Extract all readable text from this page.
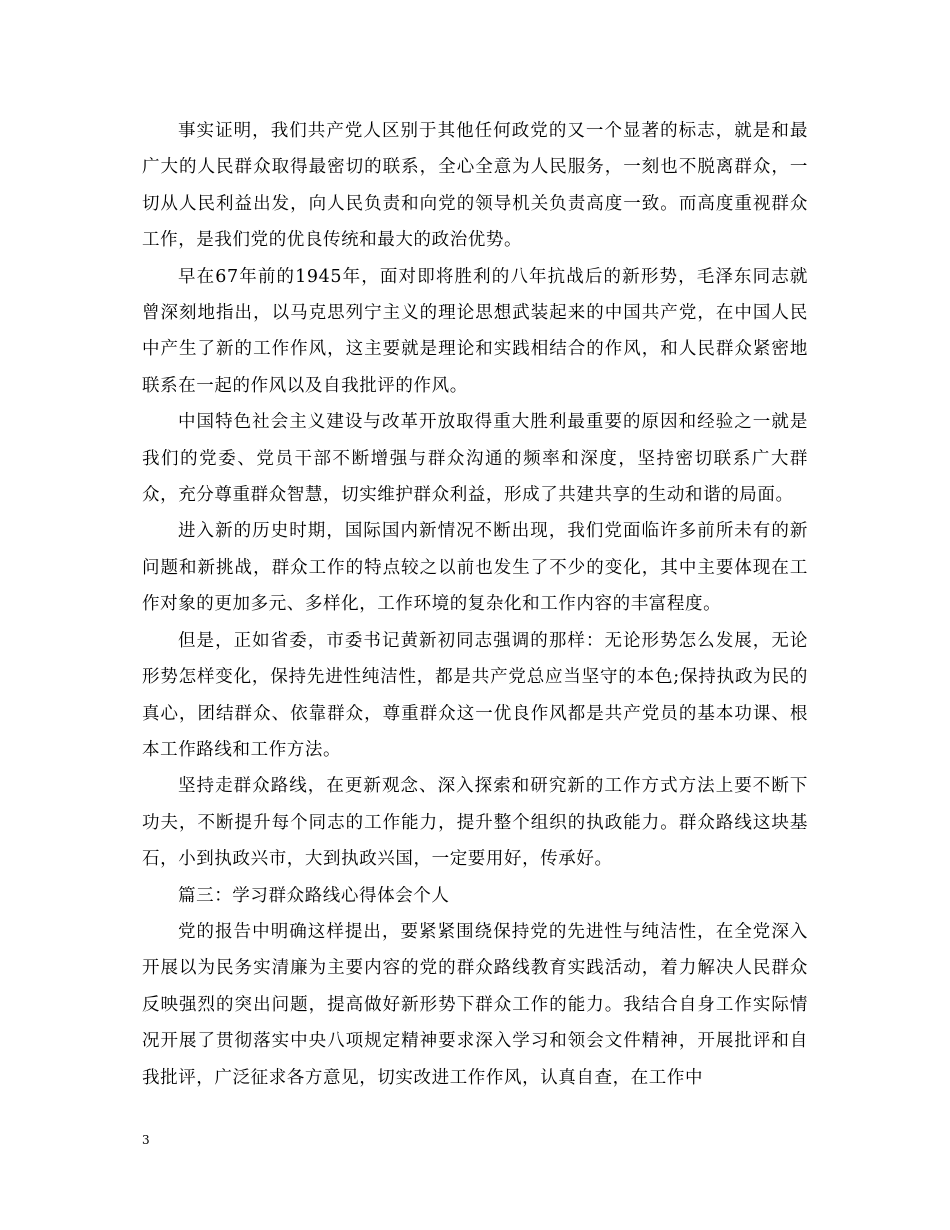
事实证明，我们共产党人区别于其他任何政党的又一个显著的标志，就是和最广大的人民群众取得最密切的联系，全心全意为人民服务，一刻也不脱离群众，一切从人民利益出发，向人民负责和向党的领导机关负责高度一致。而高度重视群众工作，是我们党的优良传统和最大的政治优势。

早在67年前的1945年，面对即将胜利的八年抗战后的新形势，毛泽东同志就曾深刻地指出，以马克思列宁主义的理论思想武装起来的中国共产党，在中国人民中产生了新的工作作风，这主要就是理论和实践相结合的作风，和人民群众紧密地联系在一起的作风以及自我批评的作风。

中国特色社会主义建设与改革开放取得重大胜利最重要的原因和经验之一就是我们的党委、党员干部不断增强与群众沟通的频率和深度，坚持密切联系广大群众，充分尊重群众智慧，切实维护群众利益，形成了共建共享的生动和谐的局面。

进入新的历史时期，国际国内新情况不断出现，我们党面临许多前所未有的新问题和新挑战，群众工作的特点较之以前也发生了不少的变化，其中主要体现在工作对象的更加多元、多样化，工作环境的复杂化和工作内容的丰富程度。

但是，正如省委，市委书记黄新初同志强调的那样：无论形势怎么发展，无论形势怎样变化，保持先进性纯洁性，都是共产党总应当坚守的本色;保持执政为民的真心，团结群众、依靠群众，尊重群众这一优良作风都是共产党员的基本功课、根本工作路线和工作方法。

坚持走群众路线，在更新观念、深入探索和研究新的工作方式方法上要不断下功夫，不断提升每个同志的工作能力，提升整个组织的执政能力。群众路线这块基石，小到执政兴市，大到执政兴国，一定要用好，传承好。

篇三：学习群众路线心得体会个人

党的报告中明确这样提出，要紧紧围绕保持党的先进性与纯洁性，在全党深入开展以为民务实清廉为主要内容的党的群众路线教育实践活动，着力解决人民群众反映强烈的突出问题，提高做好新形势下群众工作的能力。我结合自身工作实际情况开展了贯彻落实中央八项规定精神要求深入学习和领会文件精神，开展批评和自我批评，广泛征求各方意见，切实改进工作作风，认真自查，在工作中

3
